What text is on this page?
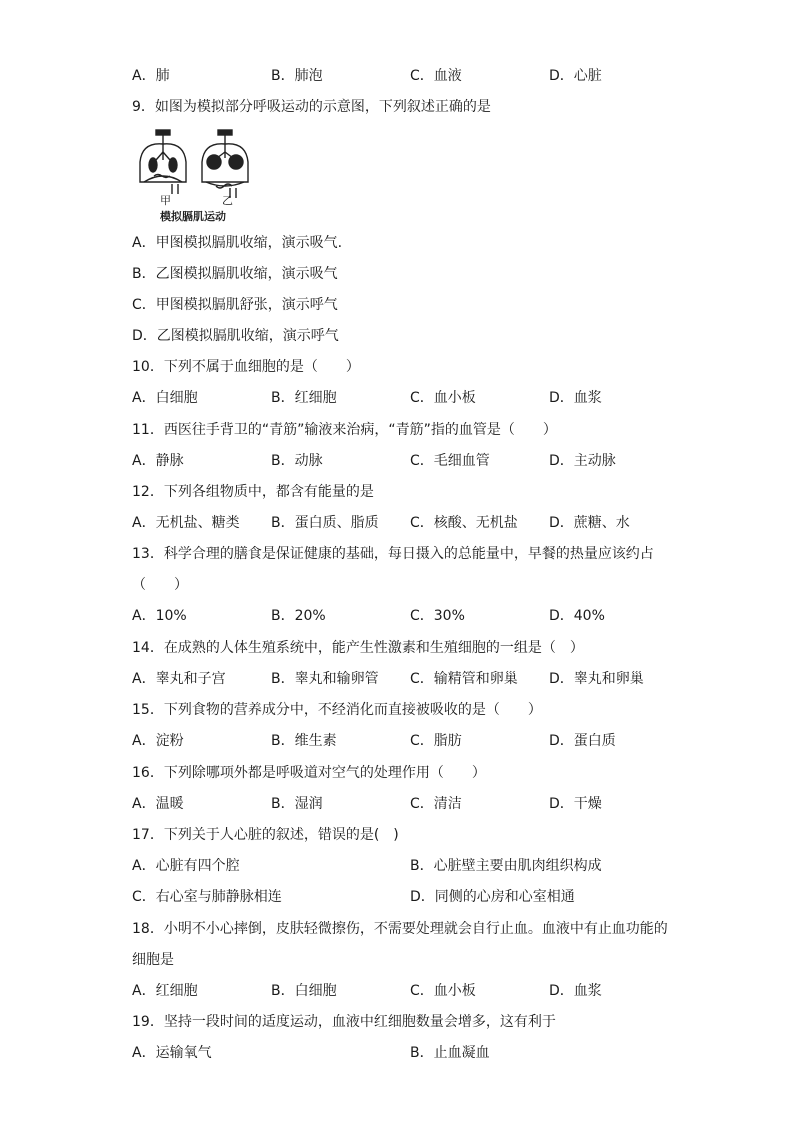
A．肺	B．肺泡	C．血液	D．心脏
9．如图为模拟部分呼吸运动的示意图，下列叙述正确的是
甲	乙
模拟膈肌运动
A．甲图模拟膈肌收缩，演示吸气.
B．乙图模拟膈肌收缩，演示吸气
C．甲图模拟膈肌舒张，演示呼气
D．乙图模拟膈肌收缩，演示呼气
10．下列不属于血细胞的是（　　）
A．白细胞	B．红细胞	C．血小板	D．血浆
11．西医往手背卫的“青筋”输液来治病，“青筋”指的血管是（　　）
A．静脉	B．动脉	C．毛细血管	D．主动脉
12．下列各组物质中，都含有能量的是
A．无机盐、糖类 B．蛋白质、脂质 C．核酸、无机盐 D．蔗糖、水
13．科学合理的膳食是保证健康的基础，每日摄入的总能量中，早餐的热量应该约占
（　　）
A．10%	B．20%	C．30%	D．40%
14．在成熟的人体生殖系统中，能产生性激素和生殖细胞的一组是（　）
A．睾丸和子宫	B．睾丸和输卵管 C．输精管和卵巢 D．睾丸和卵巢
15．下列食物的营养成分中，不经消化而直接被吸收的是（　　）
A．淀粉	B．维生素	C．脂肪	D．蛋白质
16．下列除哪项外都是呼吸道对空气的处理作用（　　）
A．温暖	B．湿润	C．清洁	D．干燥
17．下列关于人心脏的叙述，错误的是(　)
A．心脏有四个腔	B．心脏壁主要由肌肉组织构成
C．右心室与肺静脉相连	D．同侧的心房和心室相通
18．小明不小心摔倒，皮肤轻微擦伤，不需要处理就会自行止血。血液中有止血功能的
细胞是
A．红细胞	B．白细胞	C．血小板	D．血浆
19．坚持一段时间的适度运动，血液中红细胞数量会增多，这有利于
A．运输氧气	B．止血凝血
